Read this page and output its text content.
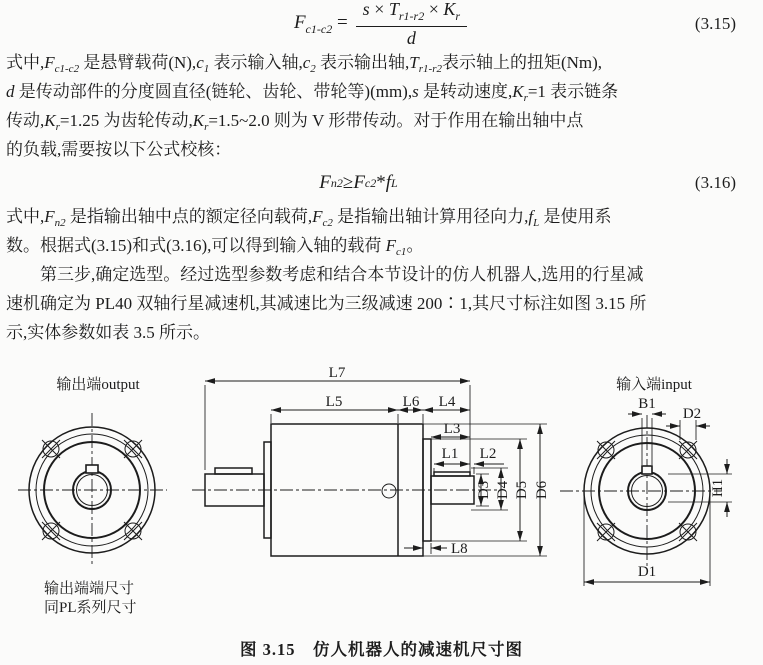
$F_{c1-c2} = \frac{s \times T_{r1-r2} \times K_r}{d}$	(3.15)
式中$,F_{c1-c2}$ 是悬臂载荷$(N),c_1$ 表示输入轴$,c_2$ 表示输出轴$,T_{r1-r2}$表示轴上的扭矩(Nm),
d 是传动部件的分度圆直径(链轮、齿轮、带轮等)(mm),s 是转动速度$,K_r=1$ 表示链条
传动$,K_r=1.25$ 为齿轮传动$,K_r=1.5\sim 2.0$ 则为 V 形带传动。对于作用在输出轴中点
的负载,需要按以下公式校核：
F n2 ≥ F c2 * f L	(3.16)
式中$,F_{n2}$ 是指输出轴中点的额定径向载荷$,F_{c2}$ 是指输出轴计算用径向力$,f_L$ 是使用系
数。根据式(3.15)和式(3.16),可以得到输入轴的载荷 $F_{c1}$。
第三步,确定选型。经过选型参数考虑和结合本节设计的仿人机器人,选用的行星减
速机确定为 PL40 双轴行星减速机,其减速比为三级减速 200∶1,其尺寸标注如图 3.15 所
示,实体参数如表 3.5 所示。
输出端output
输出端端尺寸
同PL系列尺寸
L7
L5	L6 L4
L3
L1 L2
D3 D4 D5 D6
L8
输入端input
B1
D2
H1
D1
图 3.15　仿人机器人的减速机尺寸图
